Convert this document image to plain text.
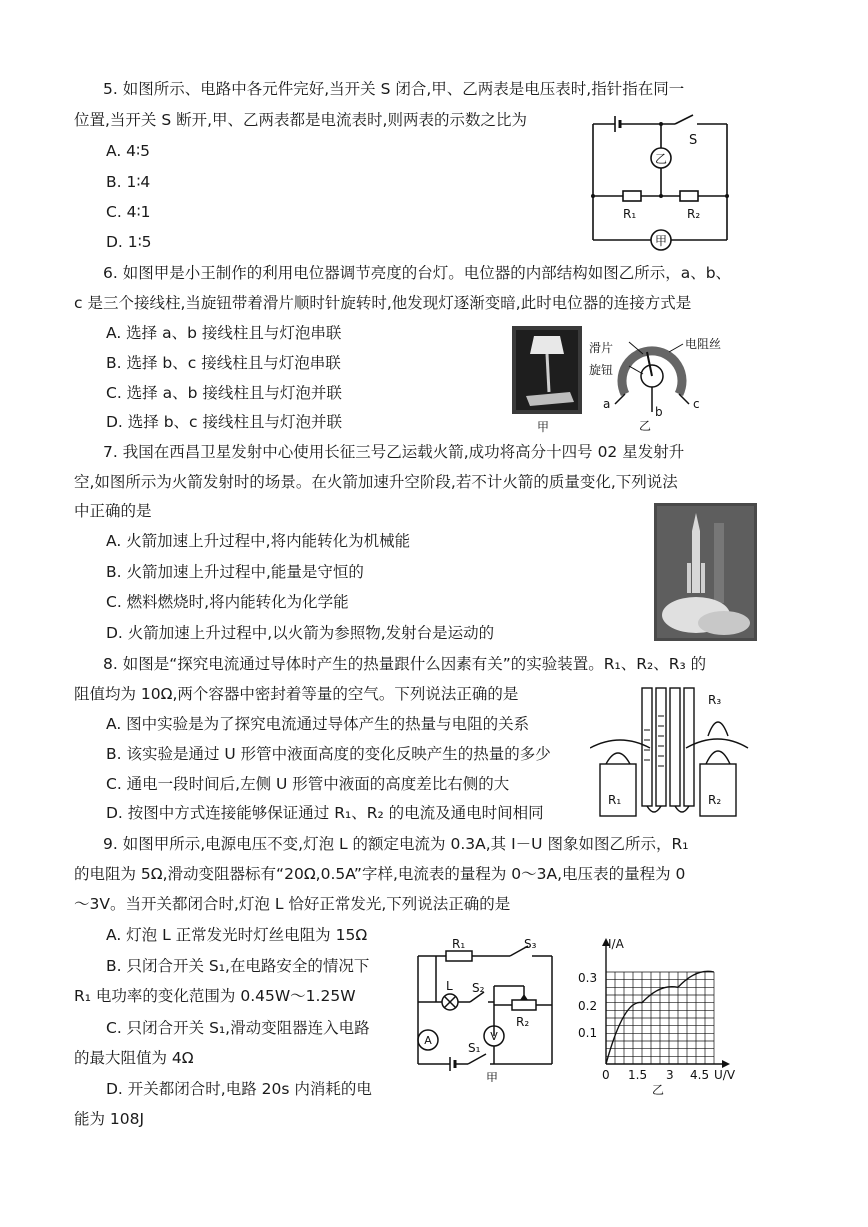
5. 如图所示、电路中各元件完好,当开关 S 闭合,甲、乙两表是电压表时,指针指在同一
位置,当开关 S 断开,甲、乙两表都是电流表时,则两表的示数之比为
A. 4∶5
B. 1∶4
C. 4∶1
D. 1∶5
S
乙
R₁	R₂
甲
6. 如图甲是小王制作的利用电位器调节亮度的台灯。电位器的内部结构如图乙所示，a、b、
c 是三个接线柱,当旋钮带着滑片顺时针旋转时,他发现灯逐渐变暗,此时电位器的连接方式是
A. 选择 a、b 接线柱且与灯泡串联
B. 选择 b、c 接线柱且与灯泡串联
C. 选择 a、b 接线柱且与灯泡并联
D. 选择 b、c 接线柱且与灯泡并联	甲
滑片
旋钮
电阻丝
a
b
c
乙
7. 我国在西昌卫星发射中心使用长征三号乙运载火箭,成功将高分十四号 02 星发射升
空,如图所示为火箭发射时的场景。在火箭加速升空阶段,若不计火箭的质量变化,下列说法
中正确的是
A. 火箭加速上升过程中,将内能转化为机械能
B. 火箭加速上升过程中,能量是守恒的
C. 燃料燃烧时,将内能转化为化学能
D. 火箭加速上升过程中,以火箭为参照物,发射台是运动的
8. 如图是“探究电流通过导体时产生的热量跟什么因素有关”的实验装置。R₁、R₂、R₃ 的
阻值均为 10Ω,两个容器中密封着等量的空气。下列说法正确的是
A. 图中实验是为了探究电流通过导体产生的热量与电阻的关系
B. 该实验是通过 U 形管中液面高度的变化反映产生的热量的多少
C. 通电一段时间后,左侧 U 形管中液面的高度差比右侧的大
D. 按图中方式连接能够保证通过 R₁、R₂ 的电流及通电时间相同
R₁	R₂
R₃
9. 如图甲所示,电源电压不变,灯泡 L 的额定电流为 0.3A,其 I－U 图象如图乙所示，R₁
的电阻为 5Ω,滑动变阻器标有“20Ω,0.5A”字样,电流表的量程为 0～3A,电压表的量程为 0
～3V。当开关都闭合时,灯泡 L 恰好正常发光,下列说法正确的是
A. 灯泡 L 正常发光时灯丝电阻为 15Ω
B. 只闭合开关 S₁,在电路安全的情况下
R₁ 电功率的变化范围为 0.45W～1.25W
C. 只闭合开关 S₁,滑动变阻器连入电路
的最大阻值为 4Ω
D. 开关都闭合时,电路 20s 内消耗的电
能为 108J
R₁	S₃
L S₂
R₂
A	V
S₁
甲
I/A
U/V
0.3
0.2
0.1
0 1.5 3 4.5
乙
